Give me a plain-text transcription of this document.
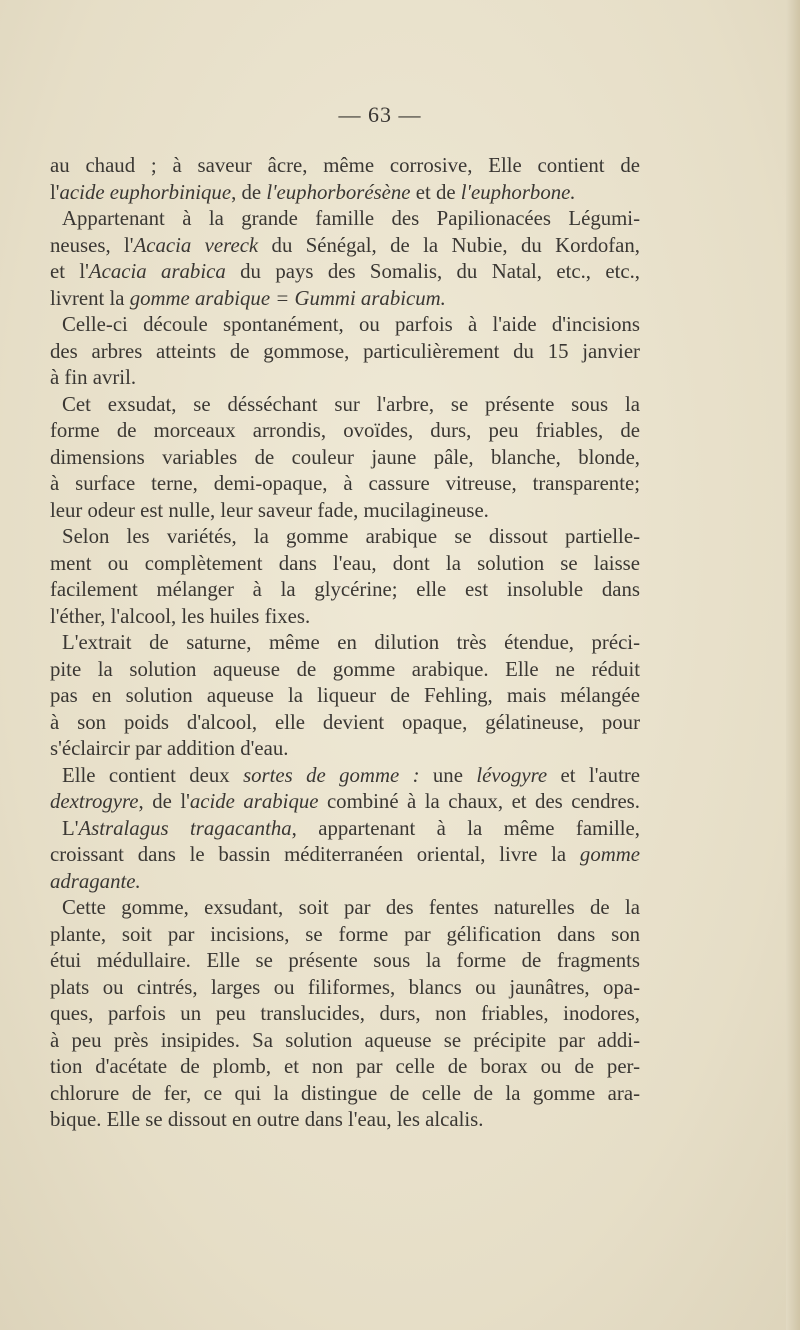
— 63 —
au chaud ; à saveur âcre, même corrosive, Elle contient de
l'acide euphorbinique, de l'euphorborésène et de l'euphorbone.
Appartenant à la grande famille des Papilionacées Légumi-
neuses, l'Acacia vereck du Sénégal, de la Nubie, du Kordofan,
et l'Acacia arabica du pays des Somalis, du Natal, etc., etc.,
livrent la gomme arabique = Gummi arabicum.
Celle-ci découle spontanément, ou parfois à l'aide d'incisions
des arbres atteints de gommose, particulièrement du 15 janvier
à fin avril.
Cet exsudat, se désséchant sur l'arbre, se présente sous la
forme de morceaux arrondis, ovoïdes, durs, peu friables, de
dimensions variables de couleur jaune pâle, blanche, blonde,
à surface terne, demi-opaque, à cassure vitreuse, transparente;
leur odeur est nulle, leur saveur fade, mucilagineuse.
Selon les variétés, la gomme arabique se dissout partielle-
ment ou complètement dans l'eau, dont la solution se laisse
facilement mélanger à la glycérine; elle est insoluble dans
l'éther, l'alcool, les huiles fixes.
L'extrait de saturne, même en dilution très étendue, préci-
pite la solution aqueuse de gomme arabique. Elle ne réduit
pas en solution aqueuse la liqueur de Fehling, mais mélangée
à son poids d'alcool, elle devient opaque, gélatineuse, pour
s'éclaircir par addition d'eau.
Elle contient deux sortes de gomme : une lévogyre et l'autre
dextrogyre, de l'acide arabique combiné à la chaux, et des cendres.
L'Astralagus tragacantha, appartenant à la même famille,
croissant dans le bassin méditerranéen oriental, livre la gomme
adragante.
Cette gomme, exsudant, soit par des fentes naturelles de la
plante, soit par incisions, se forme par gélification dans son
étui médullaire. Elle se présente sous la forme de fragments
plats ou cintrés, larges ou filiformes, blancs ou jaunâtres, opa-
ques, parfois un peu translucides, durs, non friables, inodores,
à peu près insipides. Sa solution aqueuse se précipite par addi-
tion d'acétate de plomb, et non par celle de borax ou de per-
chlorure de fer, ce qui la distingue de celle de la gomme ara-
bique. Elle se dissout en outre dans l'eau, les alcalis.
